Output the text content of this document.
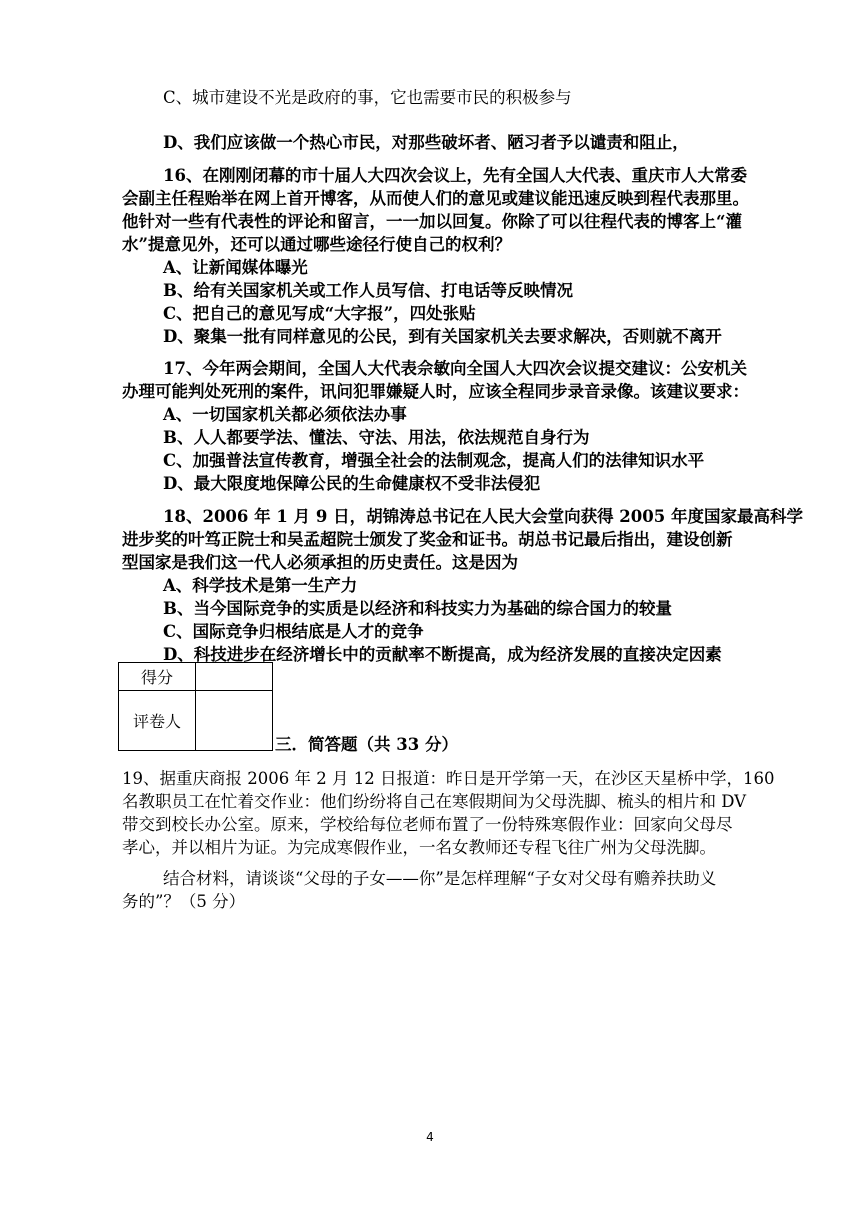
C、城市建设不光是政府的事，它也需要市民的积极参与
D、我们应该做一个热心市民，对那些破坏者、陋习者予以谴责和阻止，
16、在刚刚闭幕的市十届人大四次会议上，先有全国人大代表、重庆市人大常委
会副主任程贻举在网上首开博客，从而使人们的意见或建议能迅速反映到程代表那里。
他针对一些有代表性的评论和留言，一一加以回复。你除了可以往程代表的博客上“灌
水”提意见外，还可以通过哪些途径行使自己的权利？
A、让新闻媒体曝光
B、给有关国家机关或工作人员写信、打电话等反映情况
C、把自己的意见写成“大字报”，四处张贴
D、聚集一批有同样意见的公民，到有关国家机关去要求解决，否则就不离开
17、今年两会期间，全国人大代表佘敏向全国人大四次会议提交建议：公安机关
办理可能判处死刑的案件，讯问犯罪嫌疑人时，应该全程同步录音录像。该建议要求：
A、一切国家机关都必须依法办事
B、人人都要学法、懂法、守法、用法，依法规范自身行为
C、加强普法宣传教育，增强全社会的法制观念，提高人们的法律知识水平
D、最大限度地保障公民的生命健康权不受非法侵犯
18、2006 年 1 月 9 日，胡锦涛总书记在人民大会堂向获得 2005 年度国家最高科学
进步奖的叶笃正院士和吴孟超院士颁发了奖金和证书。胡总书记最后指出，建设创新
型国家是我们这一代人必须承担的历史责任。这是因为
A、科学技术是第一生产力
B、当今国际竞争的实质是以经济和科技实力为基础的综合国力的较量
C、国际竞争归根结底是人才的竞争
D、科技进步在经济增长中的贡献率不断提高，成为经济发展的直接决定因素
得分	
评卷人	
三．简答题（共 33 分）
19、据重庆商报 2006 年 2 月 12 日报道：昨日是开学第一天，在沙区天星桥中学，160
名教职员工在忙着交作业：他们纷纷将自己在寒假期间为父母洗脚、梳头的相片和 DV
带交到校长办公室。原来，学校给每位老师布置了一份特殊寒假作业：回家向父母尽
孝心，并以相片为证。为完成寒假作业，一名女教师还专程飞往广州为父母洗脚。
结合材料，请谈谈“父母的子女——你”是怎样理解“子女对父母有赡养扶助义
务的”？（5 分）
4
